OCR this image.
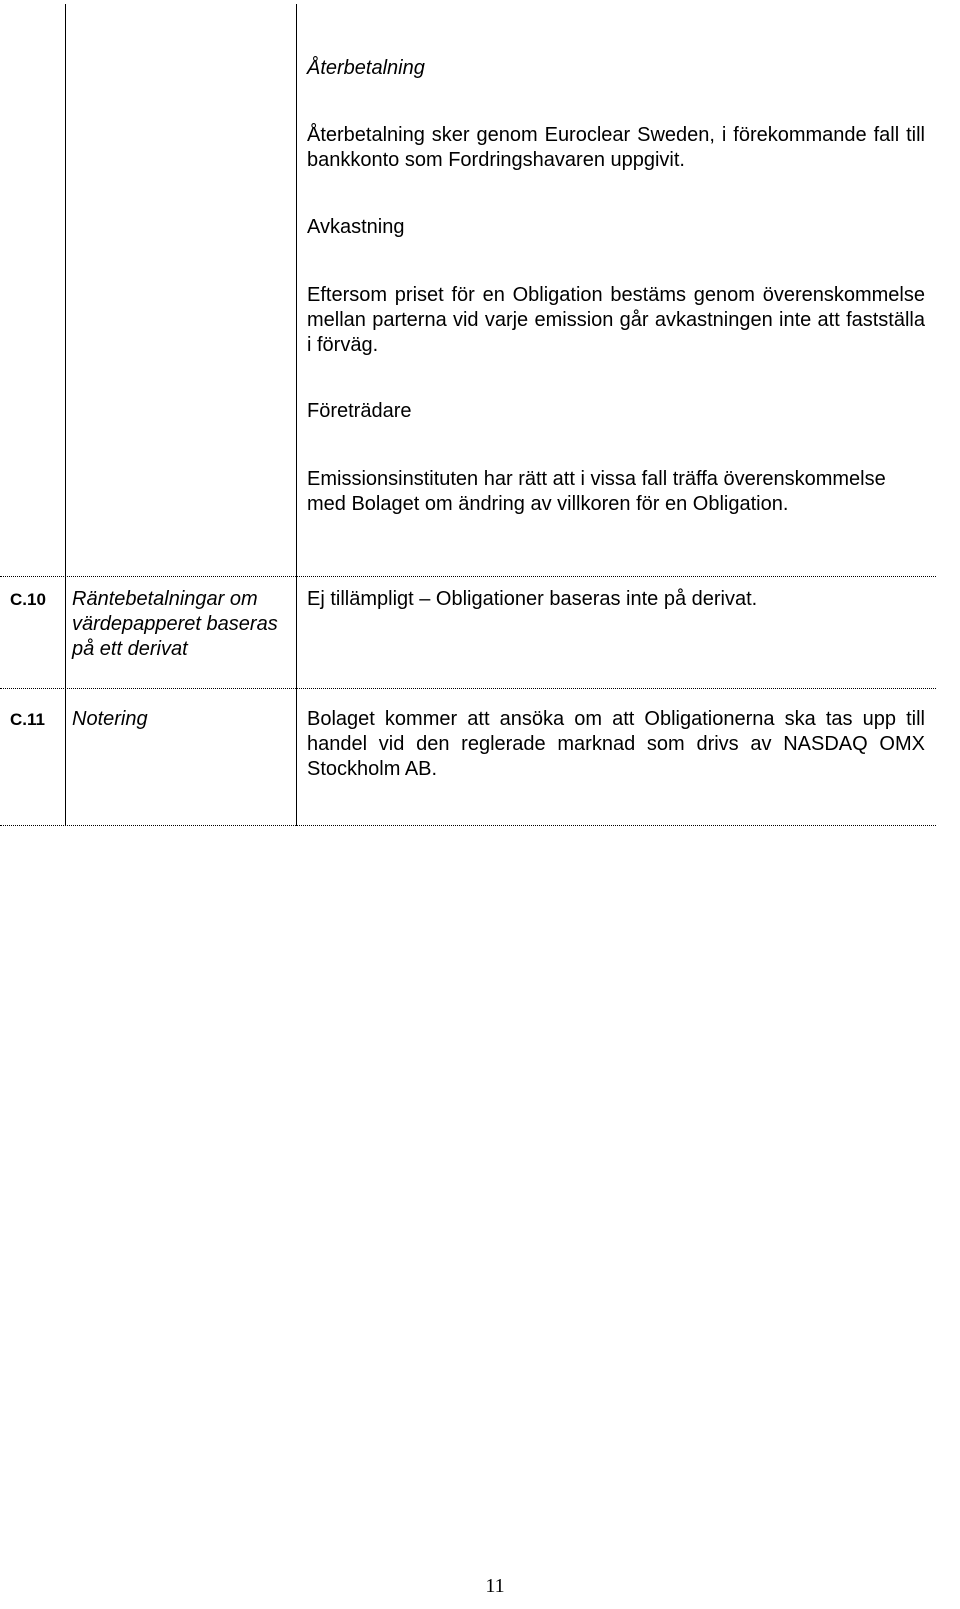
Återbetalning
Återbetalning sker genom Euroclear Sweden, i förekommande fall till bankkonto som Fordringshavaren uppgivit.
Avkastning
Eftersom priset för en Obligation bestäms genom överenskommelse mellan parterna vid varje emission går avkastningen inte att fastställa i förväg.
Företrädare
Emissionsinstituten har rätt att i vissa fall träffa överenskommelse med Bolaget om ändring av villkoren för en Obligation.
C.10 Räntebetalningar om värdepapperet baseras på ett derivat
Ej tillämpligt – Obligationer baseras inte på derivat.
C.11 Notering	Bolaget kommer att ansöka om att Obligationerna ska tas upp till handel vid den reglerade marknad som drivs av NASDAQ OMX Stockholm AB.
11
